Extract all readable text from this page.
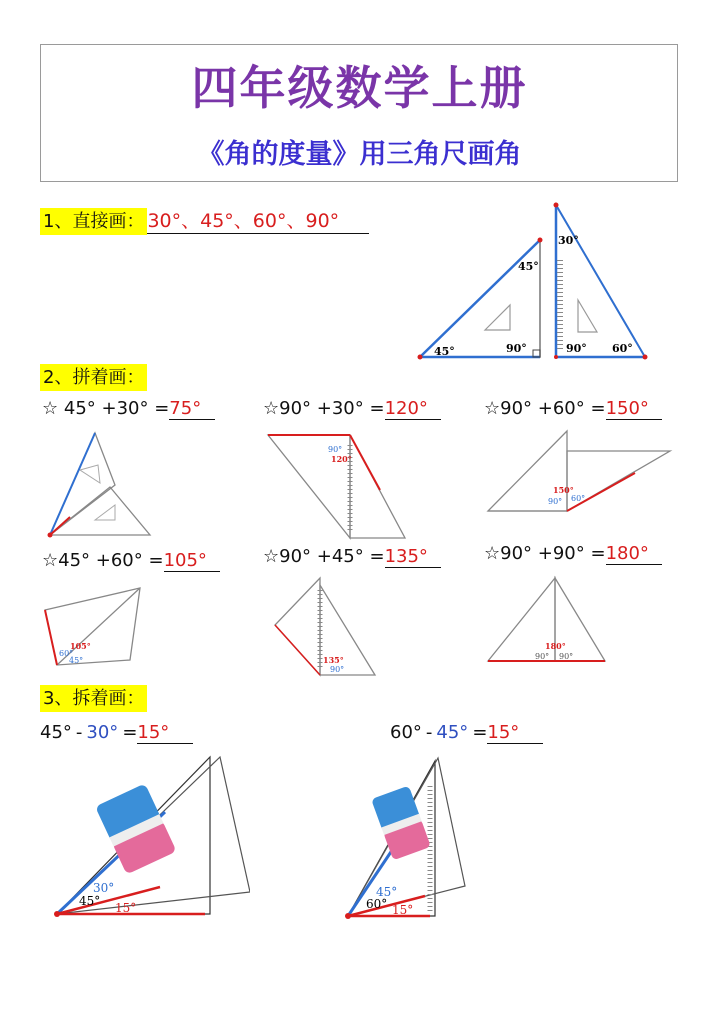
四年级数学上册
《角的度量》用三角尺画角
1、直接画： 30°、45°、60°、90°
45°
45°	90°
30°
90° 60°
2、拼着画：
☆ 45° +30° =75°	☆90° +30° =120°	☆90° +60° =150°
☆45° +60° =105°	☆90° +45° =135°	☆90° +90° =180°
90°
120°
150°
90° 60°
105°
60°
45°	135°
90°
180°
90° 90°
3、拆着画：
45° - 30° =15°	60° - 45° =15°
30°
45° 15°
45°
60° 15°
